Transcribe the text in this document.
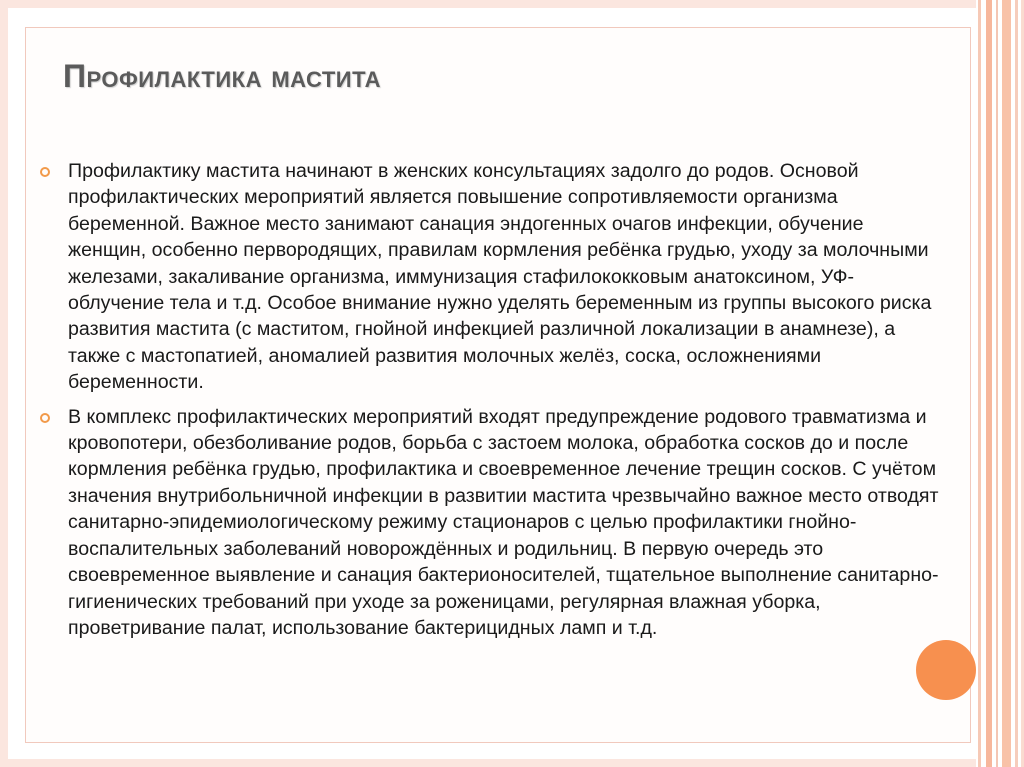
Профилактика мастита

Профилактику мастита начинают в женских консультациях задолго до родов. Основой профилактических мероприятий является повышение сопротивляемости организма беременной. Важное место занимают санация эндогенных очагов инфекции, обучение женщин, особенно первородящих, правилам кормления ребёнка грудью, уходу за молочными железами, закаливание организма, иммунизация стафилококковым анатоксином, УФ-облучение тела и т.д. Особое внимание нужно уделять беременным из группы высокого риска развития мастита (с маститом, гнойной инфекцией различной локализации в анамнезе), а также с мастопатией, аномалией развития молочных желёз, соска, осложнениями беременности.

В комплекс профилактических мероприятий входят предупреждение родового травматизма и кровопотери, обезболивание родов, борьба с застоем молока, обработка сосков до и после кормления ребёнка грудью, профилактика и своевременное лечение трещин сосков. С учётом значения внутрибольничной инфекции в развитии мастита чрезвычайно важное место отводят санитарно-эпидемиологическому режиму стационаров с целью профилактики гнойно-воспалительных заболеваний новорождённых и родильниц. В первую очередь это своевременное выявление и санация бактерионосителей, тщательное выполнение санитарно-гигиенических требований при уходе за роженицами, регулярная влажная уборка, проветривание палат, использование бактерицидных ламп и т.д.
